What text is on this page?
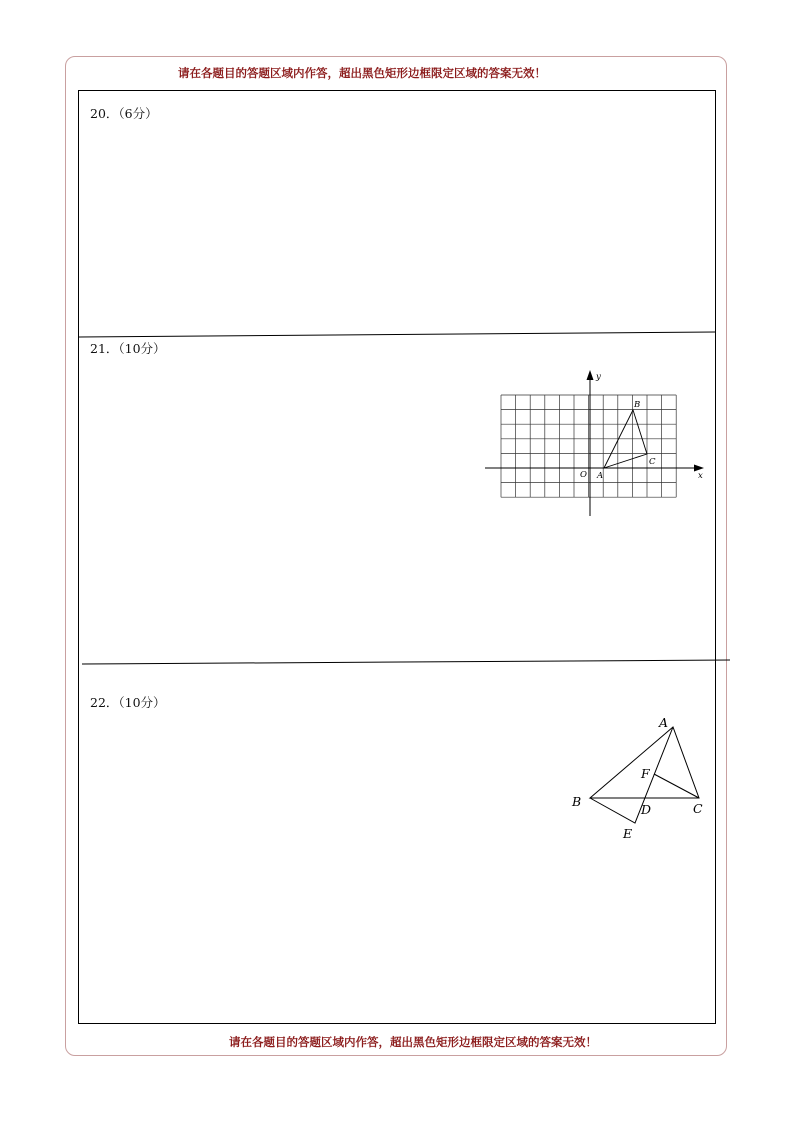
请在各题目的答题区域内作答，超出黑色矩形边框限定区域的答案无效！
请在各题目的答题区域内作答，超出黑色矩形边框限定区域的答案无效！
20．（6分）
21．（10分）
22．（10分）
y
x
O A
B
C
A
B	C
D
E
F
